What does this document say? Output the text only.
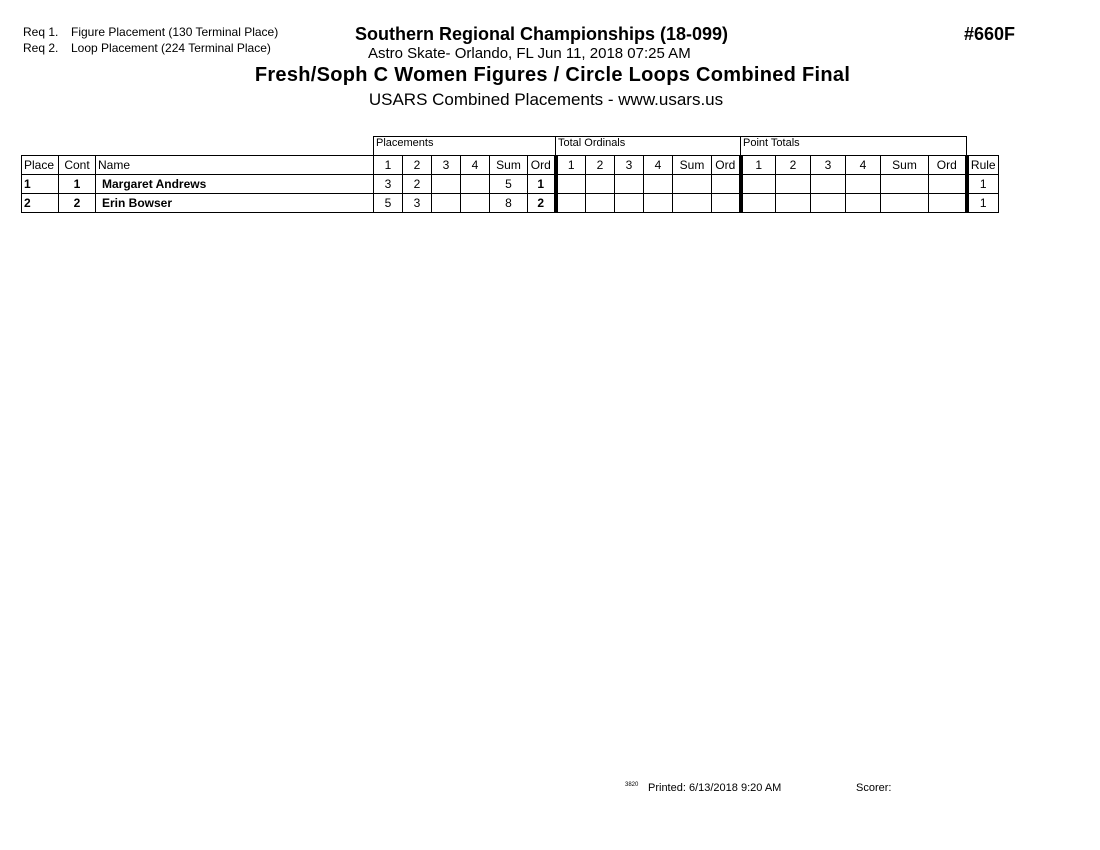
Req 1. Figure Placement (130 Terminal Place)
Req 2. Loop Placement (224 Terminal Place)
Southern Regional Championships (18-099)
Astro Skate- Orlando, FL Jun 11, 2018 07:25 AM
#660F
Fresh/Soph C Women Figures / Circle Loops Combined Final
USARS Combined Placements - www.usars.us
			Placements						Total Ordinals						Point Totals						
Place	Cont	Name	1	2	3	4	Sum	Ord	1	2	3	4	Sum	Ord	1	2	3	4	Sum	Ord	Rule
1	1	Margaret Andrews	3	2			5	1													1
2	2	Erin Bowser	5	3			8	2													1
3820 Printed: 6/13/2018 9:20 AM	Scorer:
